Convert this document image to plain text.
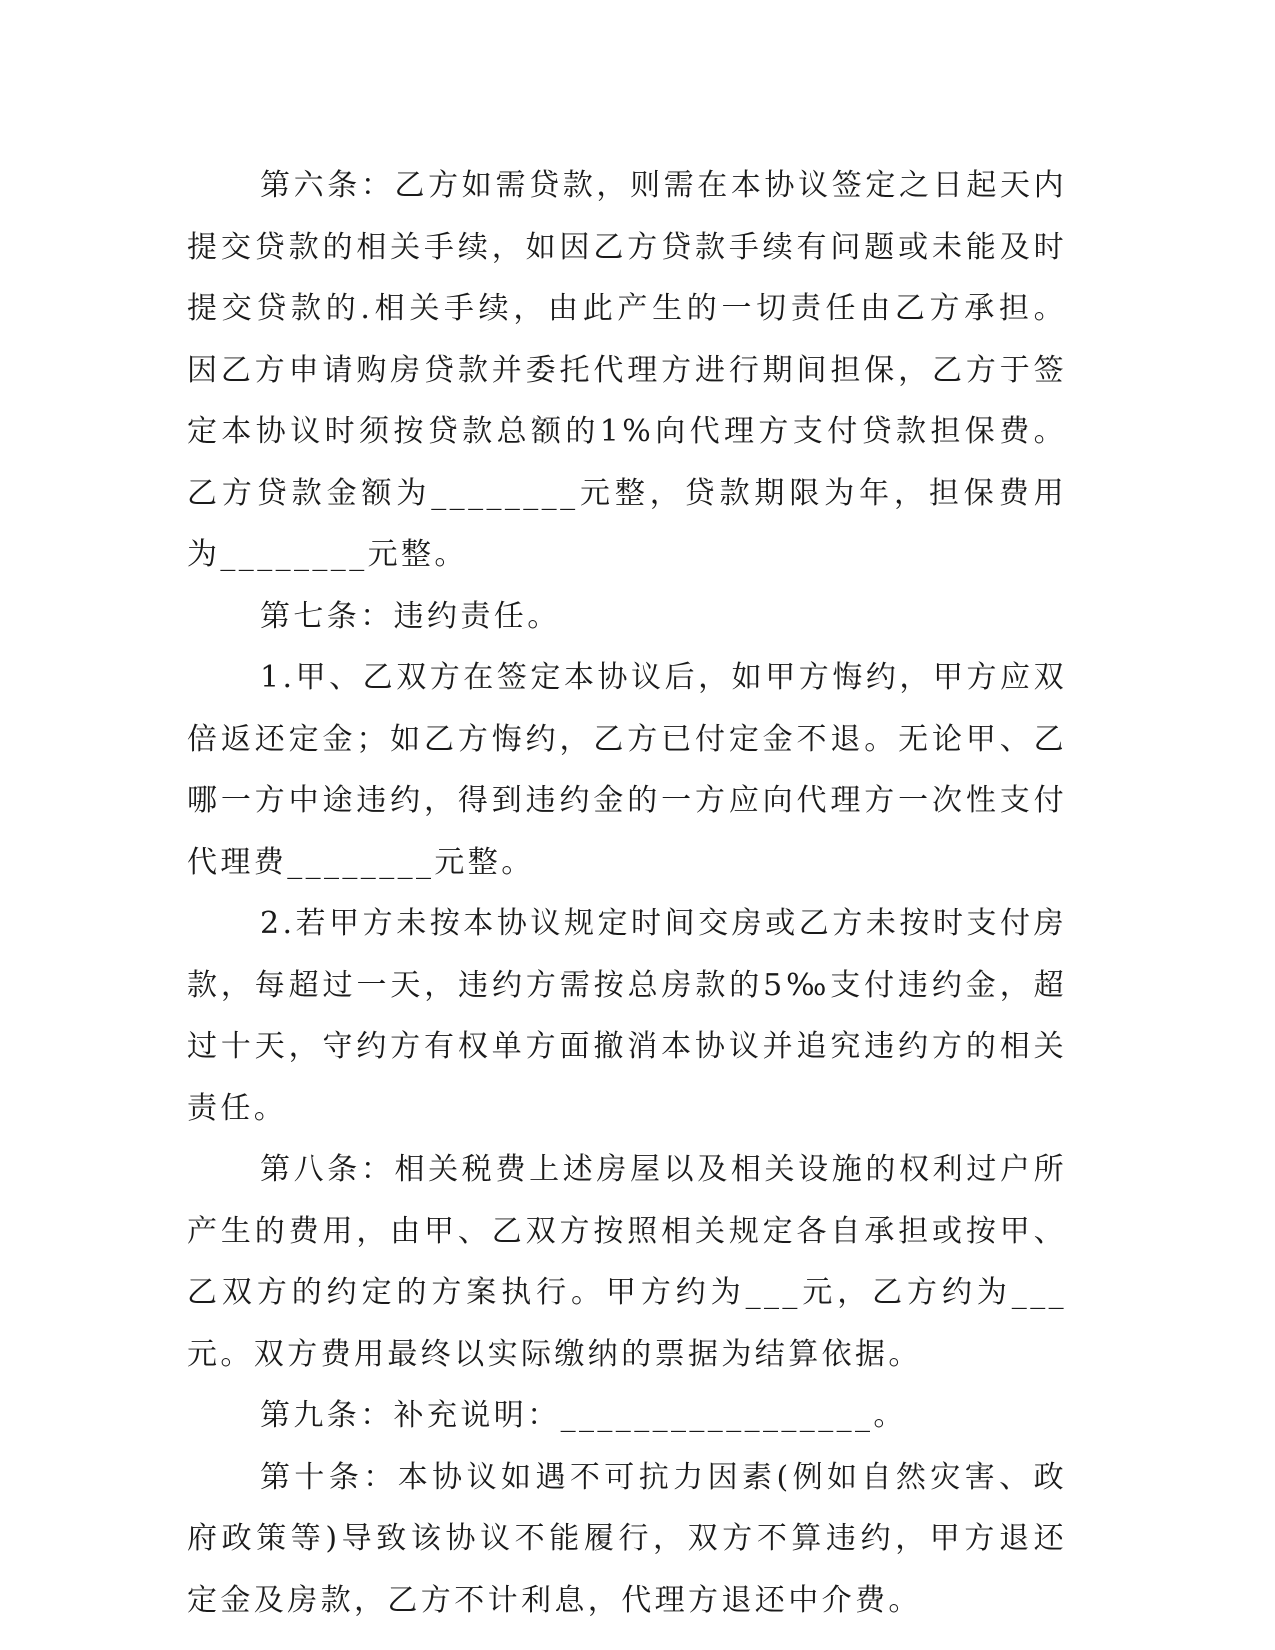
第六条：乙方如需贷款，则需在本协议签定之日起天内提交贷款的相关手续，如因乙方贷款手续有问题或未能及时提交贷款的.相关手续，由此产生的一切责任由乙方承担。因乙方申请购房贷款并委托代理方进行期间担保，乙方于签定本协议时须按贷款总额的1%向代理方支付贷款担保费。乙方贷款金额为________元整，贷款期限为年，担保费用为________元整。

第七条：违约责任。

1.甲、乙双方在签定本协议后，如甲方悔约，甲方应双倍返还定金；如乙方悔约，乙方已付定金不退。无论甲、乙哪一方中途违约，得到违约金的一方应向代理方一次性支付代理费________元整。

2.若甲方未按本协议规定时间交房或乙方未按时支付房款，每超过一天，违约方需按总房款的5‰支付违约金，超过十天，守约方有权单方面撤消本协议并追究违约方的相关责任。

第八条：相关税费上述房屋以及相关设施的权利过户所产生的费用，由甲、乙双方按照相关规定各自承担或按甲、乙双方的约定的方案执行。甲方约为___元，乙方约为___元。双方费用最终以实际缴纳的票据为结算依据。

第九条：补充说明：_________________。

第十条：本协议如遇不可抗力因素(例如自然灾害、政府政策等)导致该协议不能履行，双方不算违约，甲方退还定金及房款，乙方不计利息，代理方退还中介费。
